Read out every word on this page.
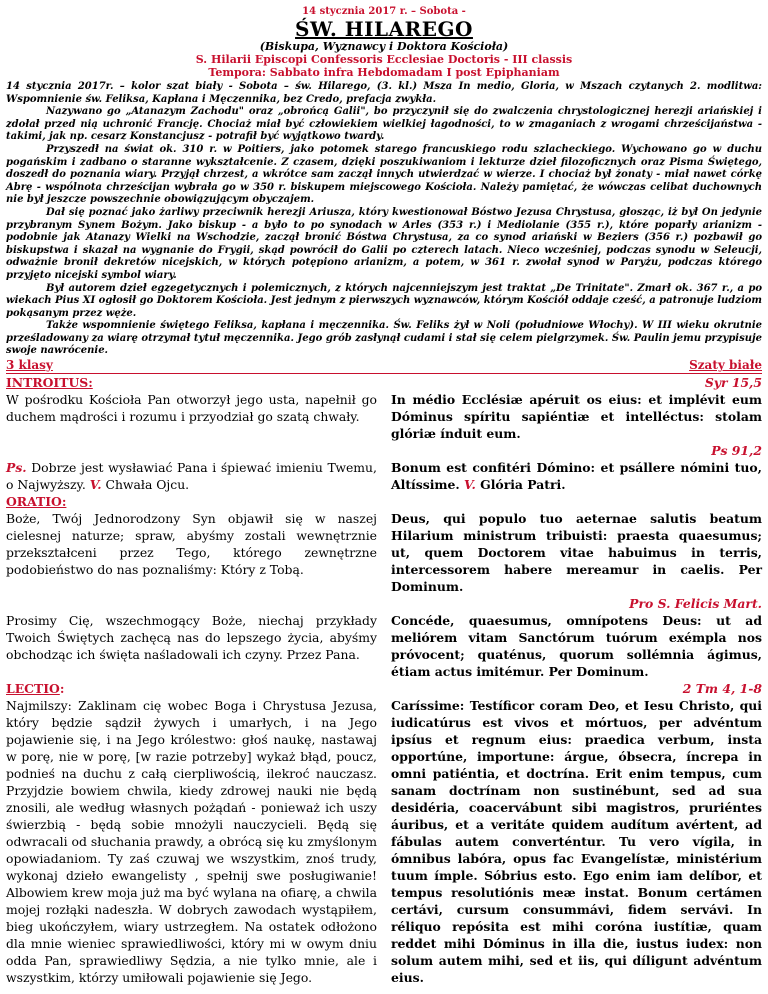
14 stycznia 2017 r. – Sobota -
ŚW. HILAREGO
(Biskupa, Wyznawcy i Doktora Kościoła)
S. Hilarii Episcopi Confessoris Ecclesiae Doctoris - III classis
Tempora: Sabbato infra Hebdomadam I post Epiphaniam

14 stycznia 2017r. – kolor szat biały - Sobota – św. Hilarego, (3. kl.) Msza In medio, Gloria, w Mszach czytanych 2. modlitwa: Wspomnienie św. Feliksa, Kapłana i Męczennika, bez Credo, prefacja zwykła.

Nazywano go „Atanazym Zachodu" oraz „obrońcą Galii", bo przyczynił się do zwalczenia chrystologicznej herezji ariańskiej i zdołał przed nią uchronić Francję. Chociaż miał być człowiekiem wielkiej łagodności, to w zmaganiach z wrogami chrześcijaństwa - takimi, jak np. cesarz Konstancjusz - potrafił być wyjątkowo twardy.

Przyszedł na świat ok. 310 r. w Poitiers, jako potomek starego francuskiego rodu szlacheckiego. Wychowano go w duchu pogańskim i zadbano o staranne wykształcenie. Z czasem, dzięki poszukiwaniom i lekturze dzieł filozoficznych oraz Pisma Świętego, doszedł do poznania wiary. Przyjął chrzest, a wkrótce sam zaczął innych utwierdzać w wierze. I chociaż był żonaty - miał nawet córkę Abrę - wspólnota chrześcijan wybrała go w 350 r. biskupem miejscowego Kościoła. Należy pamiętać, że wówczas celibat duchownych nie był jeszcze powszechnie obowiązującym obyczajem.

Dał się poznać jako żarliwy przeciwnik herezji Ariusza, który kwestionował Bóstwo Jezusa Chrystusa, głosząc, iż był On jedynie przybranym Synem Bożym. Jako biskup - a było to po synodach w Arles (353 r.) i Mediolanie (355 r.), które poparły arianizm - podobnie jak Atanazy Wielki na Wschodzie, zaczął bronić Bóstwa Chrystusa, za co synod ariański w Beziers (356 r.) pozbawił go biskupstwa i skazał na wygnanie do Frygii, skąd powrócił do Galii po czterech latach. Nieco wcześniej, podczas synodu w Seleucji, odważnie bronił dekretów nicejskich, w których potępiono arianizm, a potem, w 361 r. zwołał synod w Paryżu, podczas którego przyjęto nicejski symbol wiary.

Był autorem dzieł egzegetycznych i polemicznych, z których najcenniejszym jest traktat „De Trinitate". Zmarł ok. 367 r., a po wiekach Pius XI ogłosił go Doktorem Kościoła. Jest jednym z pierwszych wyznawców, którym Kościół oddaje cześć, a patronuje ludziom pokąsanym przez węże.

Także wspomnienie świętego Feliksa, kapłana i męczennika. Św. Feliks żył w Noli (południowe Włochy). W III wieku okrutnie prześladowany za wiarę otrzymał tytuł męczennika. Jego grób zasłynął cudami i stał się celem pielgrzymek. Św. Paulin jemu przypisuje swoje nawrócenie.

3 klasy	Szaty białe

INTROITUS:

W pośrodku Kościoła Pan otworzył jego usta, napełnił go duchem mądrości i rozumu i przyodział go szatą chwały.

Syr 15,5

In médio Ecclésiæ apéruit os eius: et implévit eum Dóminus spíritu sapiéntiæ et intelléctus: stolam glóriæ índuit eum.

Ps 91,2

Ps. Dobrze jest wysławiać Pana i śpiewać imieniu Twemu, o Najwyższy. V. Chwała Ojcu.

Bonum est confitéri Dómino: et psállere nómini tuo, Altíssime. V. Glória Patri.

ORATIO:

Boże, Twój Jednorodzony Syn objawił się w naszej cielesnej naturze; spraw, abyśmy zostali wewnętrznie przekształceni przez Tego, którego zewnętrzne podobieństwo do nas poznaliśmy: Który z Tobą.

Deus, qui populo tuo aeternae salutis beatum Hilarium ministrum tribuisti: praesta quaesumus; ut, quem Doctorem vitae habuimus in terris, intercessorem habere mereamur in caelis. Per Dominum.

Pro S. Felicis Mart.

Prosimy Cię, wszechmogący Boże, niechaj przykłady Twoich Świętych zachęcą nas do lepszego życia, abyśmy obchodząc ich święta naśladowali ich czyny. Przez Pana.

Concéde, quaesumus, omnípotens Deus: ut ad meliórem vitam Sanctórum tuórum exémpla nos próvocent; quaténus, quorum sollémnia ágimus, étiam actus imitémur. Per Dominum.

LECTIO:	2 Tm 4, 1-8

Najmilszy: Zaklinam cię wobec Boga i Chrystusa Jezusa, który będzie sądził żywych i umarłych, i na Jego pojawienie się, i na Jego królestwo: głoś naukę, nastawaj w porę, nie w porę, [w razie potrzeby] wykaż błąd, poucz, podnieś na duchu z całą cierpliwością, ilekroć nauczasz. Przyjdzie bowiem chwila, kiedy zdrowej nauki nie będą znosili, ale według własnych pożądań - ponieważ ich uszy świerzbią - będą sobie mnożyli nauczycieli. Będą się odwracali od słuchania prawdy, a obrócą się ku zmyślonym opowiadaniom. Ty zaś czuwaj we wszystkim, znoś trudy, wykonaj dzieło ewangelisty , spełnij swe posługiwanie! Albowiem krew moja już ma być wylana na ofiarę, a chwila mojej rozłąki nadeszła. W dobrych zawodach wystąpiłem, bieg ukończyłem, wiary ustrzegłem. Na ostatek odłożono dla mnie wieniec sprawiedliwości, który mi w owym dniu odda Pan, sprawiedliwy Sędzia, a nie tylko mnie, ale i wszystkim, którzy umiłowali pojawienie się Jego.

Caríssime: Testíficor coram Deo, et Iesu Christo, qui iudicatúrus est vivos et mórtuos, per advéntum ipsíus et regnum eius: praedica verbum, insta opportúne, importune: árgue, óbsecra, íncrepa in omni patiéntia, et doctrína. Erit enim tempus, cum sanam doctrínam non sustinébunt, sed ad sua desidéria, coacervábunt sibi magistros, pruriéntes áuribus, et a veritáte quidem audítum avértent, ad fábulas autem converténtur. Tu vero vígila, in ómnibus labóra, opus fac Evangelístæ, ministérium tuum ímple. Sóbrius esto. Ego enim iam delíbor, et tempus resolutiónis meæ instat. Bonum certámen certávi, cursum consummávi, fidem servávi. In réliquo repósita est mihi coróna iustítiæ, quam reddet mihi Dóminus in illa die, iustus iudex: non solum autem mihi, sed et iis, qui díligunt advéntum eius.
